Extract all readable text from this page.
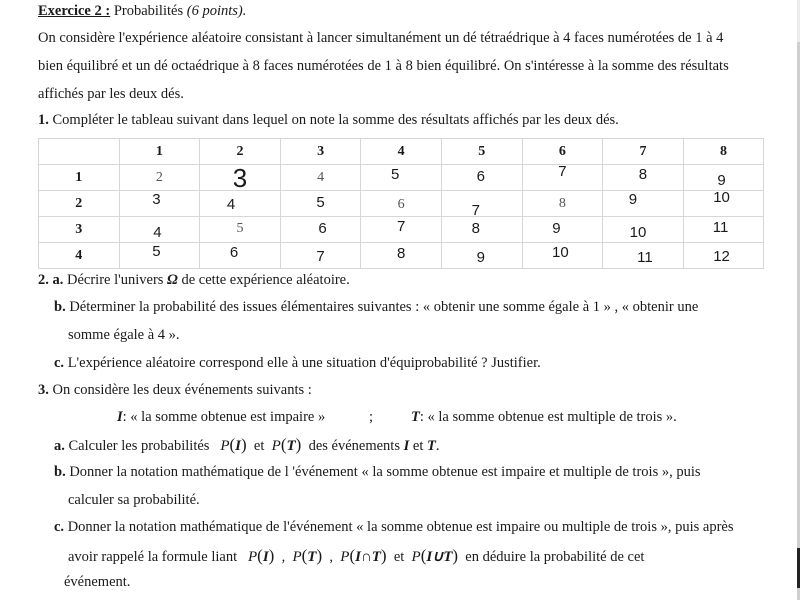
Exercice 2 : Probabilités (6 points).
On considère l'expérience aléatoire consistant à lancer simultanément un dé tétraédrique à 4 faces numérotées de 1 à 4
bien équilibré et un dé octaédrique à 8 faces numérotées de 1 à 8 bien équilibré. On s'intéresse à la somme des résultats
affichés par les deux dés.
1. Compléter le tableau suivant dans lequel on note la somme des résultats affichés par les deux dés.
	1	2	3	4	5	6	7	8
1	2	3	4	5	6	7	8	9

2	3	4	5	6	7	8	9	10

3	4	5	6	7	8	9	10	11

4	5	6	7	8	9	10	11	12
2. a. Décrire l'univers Ω de cette expérience aléatoire.
b. Déterminer la probabilité des issues élémentaires suivantes : « obtenir une somme égale à 1 » , « obtenir une
somme égale à 4 ».
c. L'expérience aléatoire correspond elle à une situation d'équiprobabilité ? Justifier.
3. On considère les deux événements suivants :
I: « la somme obtenue est impaire »	;	T: « la somme obtenue est multiple de trois ».
a. Calculer les probabilités P(I) et P(T) des événements I et T.
b. Donner la notation mathématique de l 'événement « la somme obtenue est impaire et multiple de trois », puis
calculer sa probabilité.
c. Donner la notation mathématique de l'événement « la somme obtenue est impaire ou multiple de trois », puis après
avoir rappelé la formule liant P(I) , P(T) , P(I∩T) et P(I∪T) en déduire la probabilité de cet
événement.
